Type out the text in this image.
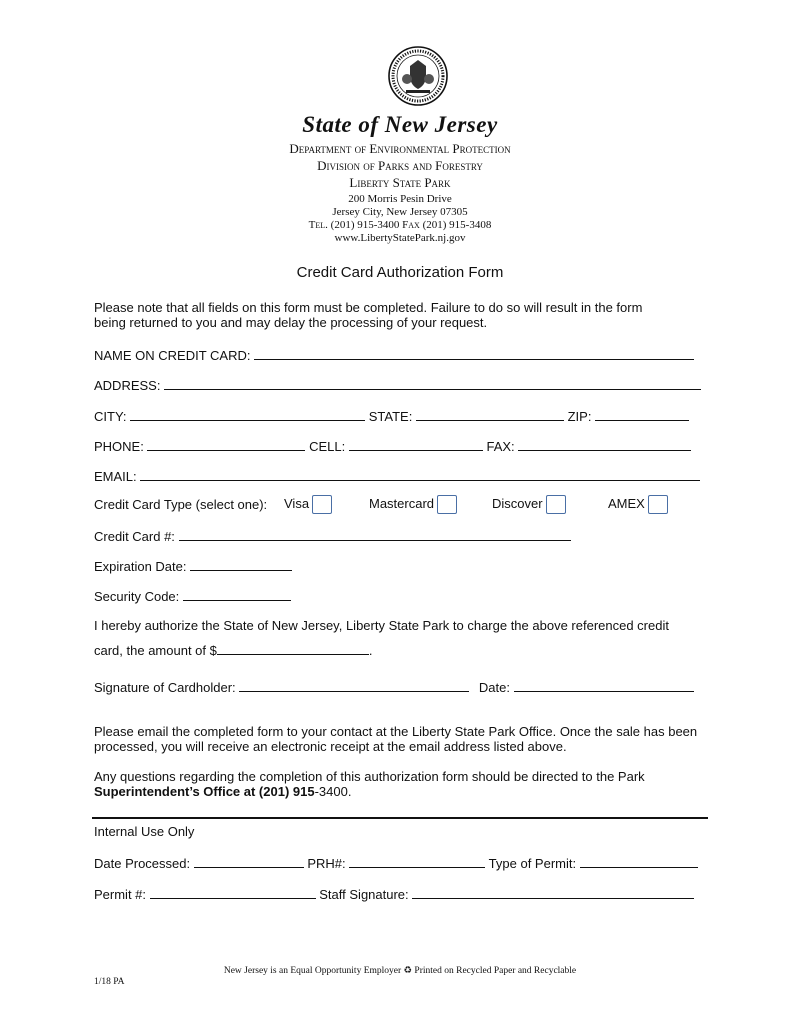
State of New Jersey
Department of Environmental Protection
Division of Parks and Forestry
Liberty State Park
200 Morris Pesin Drive
Jersey City, New Jersey 07305
Tel. (201) 915-3400 Fax (201) 915-3408
www.LibertyStatePark.nj.gov
Credit Card Authorization Form
Please note that all fields on this form must be completed. Failure to do so will result in the form
being returned to you and may delay the processing of your request.
NAME ON CREDIT CARD:
ADDRESS:
CITY:	STATE:	ZIP:
PHONE:	CELL:	FAX:
EMAIL:
Credit Card Type (select one): Visa	Mastercard	Discover	AMEX
Credit Card #:
Expiration Date:
Security Code:
I hereby authorize the State of New Jersey, Liberty State Park to charge the above referenced credit
card, the amount of $	.
Signature of Cardholder:	Date:
Please email the completed form to your contact at the Liberty State Park Office. Once the sale has been
processed, you will receive an electronic receipt at the email address listed above.
Any questions regarding the completion of this authorization form should be directed to the Park
Superintendent’s Office at (201) 915-3400.
Internal Use Only
Date Processed:	PRH#:	Type of Permit:
Permit #:	Staff Signature:
New Jersey is an Equal Opportunity Employer ♻ Printed on Recycled Paper and Recyclable
1/18 PA
